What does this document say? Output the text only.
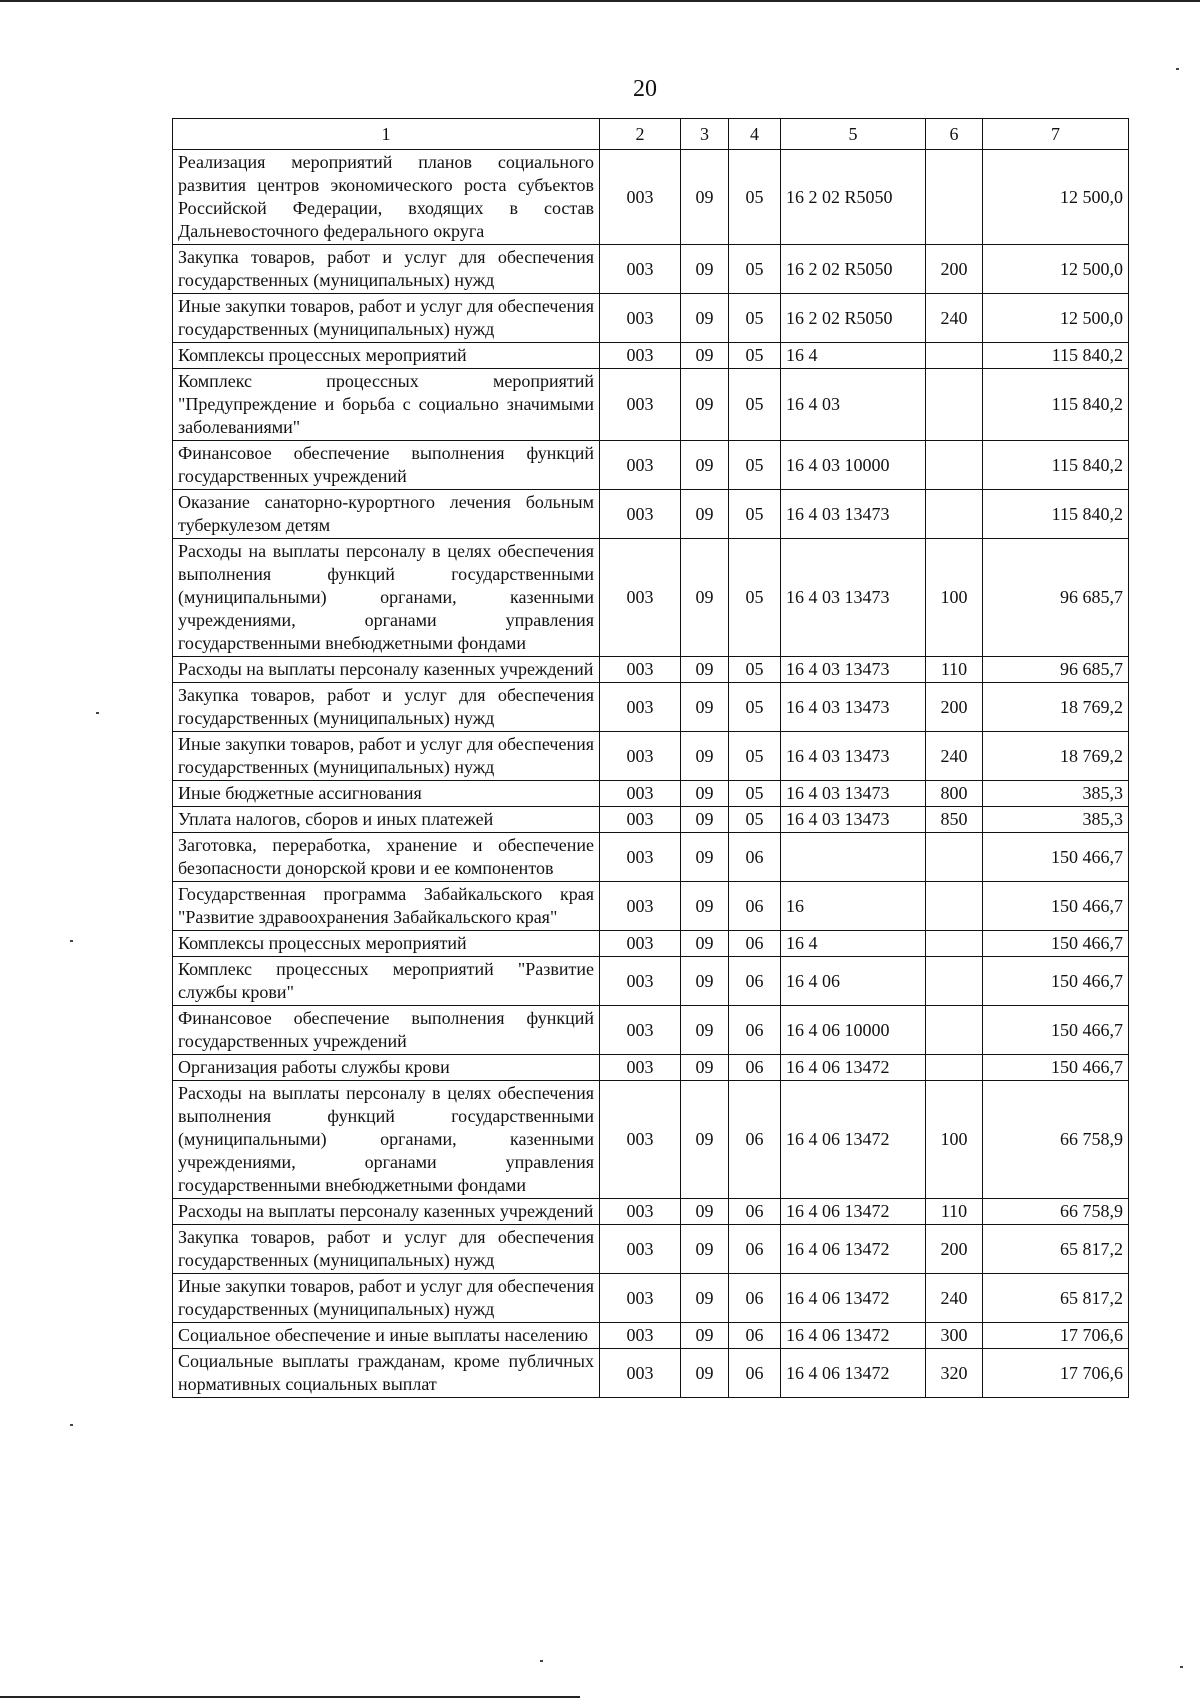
20
1	2	3	4	5	6	7
Реализация мероприятий планов социального развития центров экономического роста субъектов Российской Федерации, входящих в состав Дальневосточного федерального округа	003	09	05	16 2 02 R5050		12 500,0
Закупка товаров, работ и услуг для обеспечения государственных (муниципальных) нужд	003	09	05	16 2 02 R5050	200	12 500,0
Иные закупки товаров, работ и услуг для обеспечения государственных (муниципальных) нужд	003	09	05	16 2 02 R5050	240	12 500,0
Комплексы процессных мероприятий	003	09	05	16 4		115 840,2
Комплекс процессных мероприятий "Предупреждение и борьба с социально значимыми заболеваниями"	003	09	05	16 4 03		115 840,2
Финансовое обеспечение выполнения функций государственных учреждений	003	09	05	16 4 03 10000		115 840,2
Оказание санаторно-курортного лечения больным туберкулезом детям	003	09	05	16 4 03 13473		115 840,2
Расходы на выплаты персоналу в целях обеспечения выполнения функций государственными (муниципальными) органами, казенными учреждениями, органами управления государственными внебюджетными фондами	003	09	05	16 4 03 13473	100	96 685,7
Расходы на выплаты персоналу казенных учреждений	003	09	05	16 4 03 13473	110	96 685,7
Закупка товаров, работ и услуг для обеспечения государственных (муниципальных) нужд	003	09	05	16 4 03 13473	200	18 769,2
Иные закупки товаров, работ и услуг для обеспечения государственных (муниципальных) нужд	003	09	05	16 4 03 13473	240	18 769,2
Иные бюджетные ассигнования	003	09	05	16 4 03 13473	800	385,3
Уплата налогов, сборов и иных платежей	003	09	05	16 4 03 13473	850	385,3
Заготовка, переработка, хранение и обеспечение безопасности донорской крови и ее компонентов	003	09	06			150 466,7
Государственная программа Забайкальского края "Развитие здравоохранения Забайкальского края"	003	09	06	16		150 466,7
Комплексы процессных мероприятий	003	09	06	16 4		150 466,7
Комплекс процессных мероприятий "Развитие службы крови"	003	09	06	16 4 06		150 466,7
Финансовое обеспечение выполнения функций государственных учреждений	003	09	06	16 4 06 10000		150 466,7
Организация работы службы крови	003	09	06	16 4 06 13472		150 466,7
Расходы на выплаты персоналу в целях обеспечения выполнения функций государственными (муниципальными) органами, казенными учреждениями, органами управления государственными внебюджетными фондами	003	09	06	16 4 06 13472	100	66 758,9
Расходы на выплаты персоналу казенных учреждений	003	09	06	16 4 06 13472	110	66 758,9
Закупка товаров, работ и услуг для обеспечения государственных (муниципальных) нужд	003	09	06	16 4 06 13472	200	65 817,2
Иные закупки товаров, работ и услуг для обеспечения государственных (муниципальных) нужд	003	09	06	16 4 06 13472	240	65 817,2
Социальное обеспечение и иные выплаты населению	003	09	06	16 4 06 13472	300	17 706,6
Социальные выплаты гражданам, кроме публичных нормативных социальных выплат	003	09	06	16 4 06 13472	320	17 706,6
